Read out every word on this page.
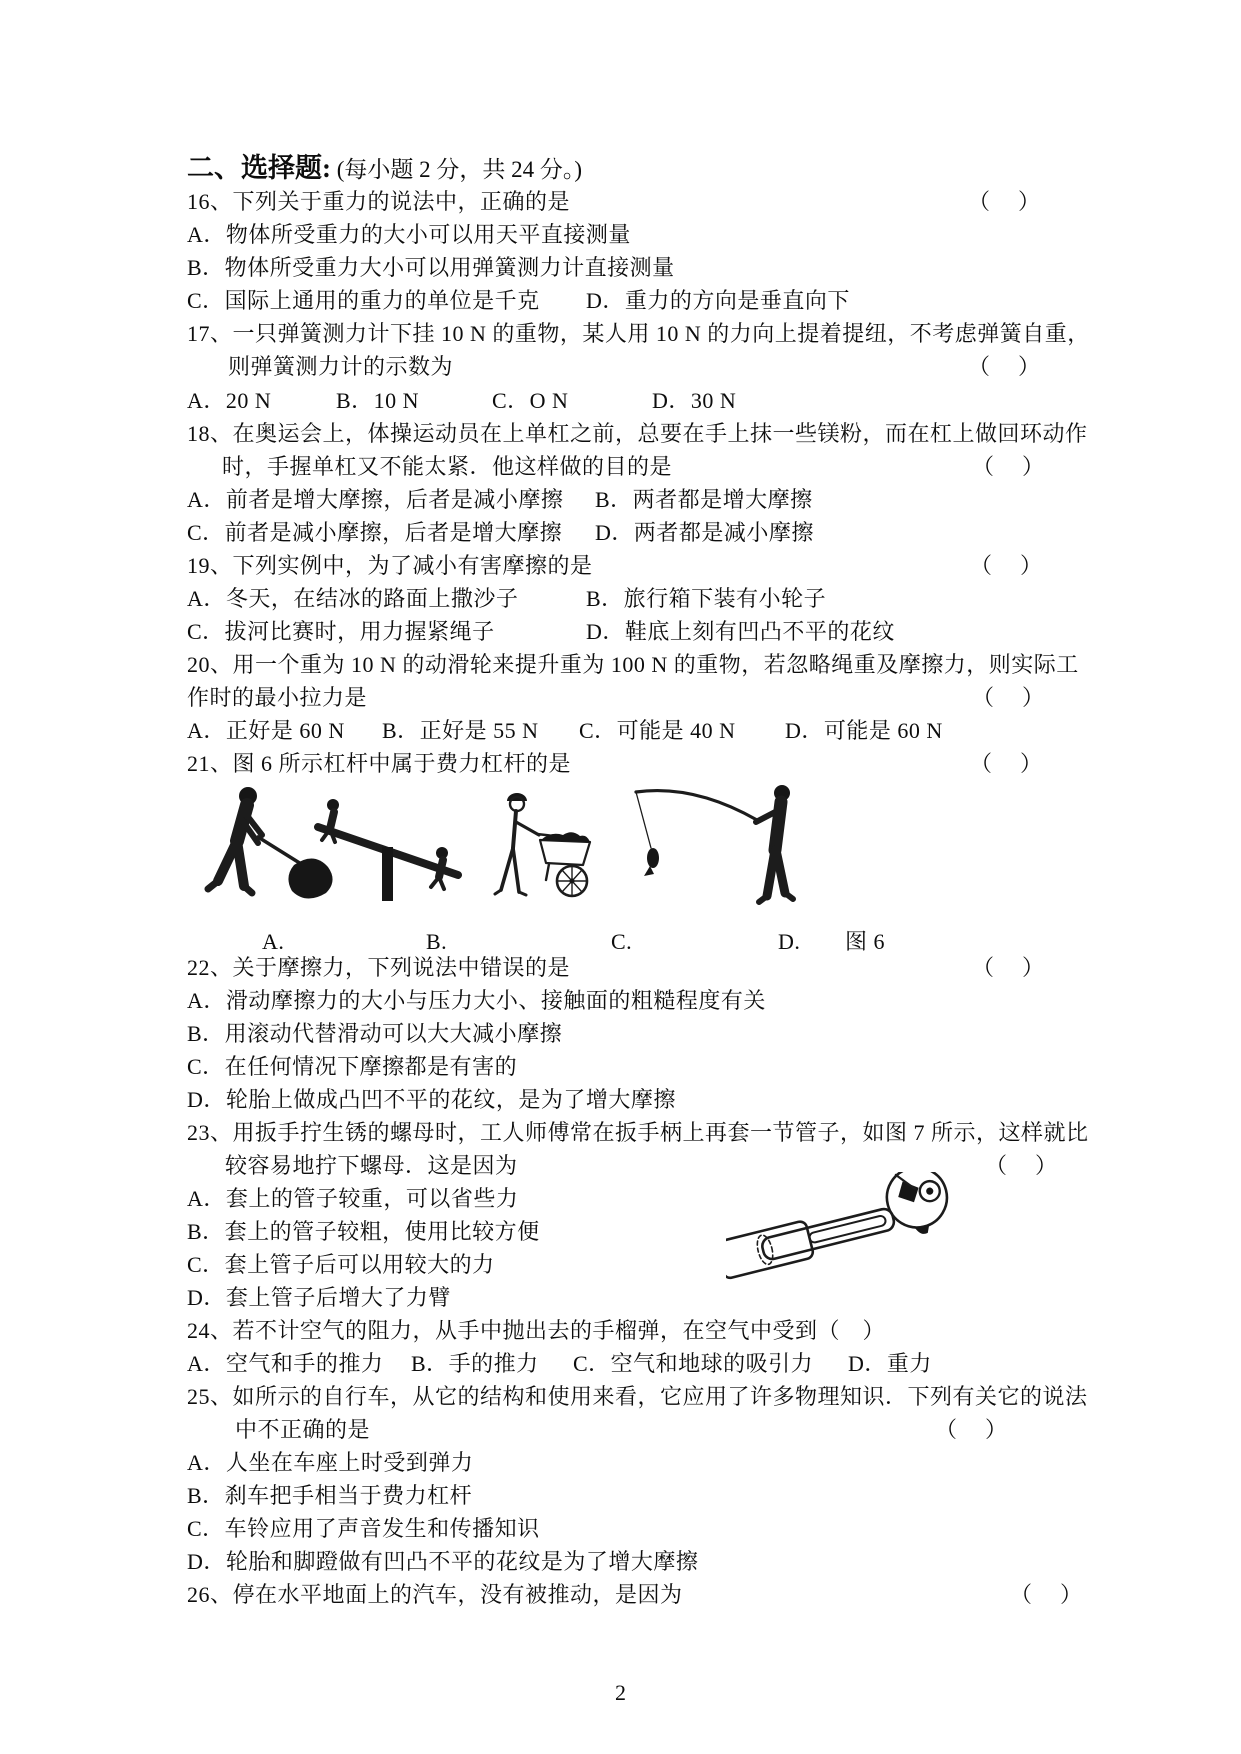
二、选择题: (每小题 2 分，共 24 分。)
16、下列关于重力的说法中，正确的是	（　）
A．物体所受重力的大小可以用天平直接测量
B．物体所受重力大小可以用弹簧测力计直接测量
C．国际上通用的重力的单位是千克 D．重力的方向是垂直向下
17、一只弹簧测力计下挂 10 N 的重物，某人用 10 N 的力向上提着提纽，不考虑弹簧自重，
则弹簧测力计的示数为	（　）
A．20 N	B．10 N	C．O N	D．30 N
18、在奥运会上，体操运动员在上单杠之前，总要在手上抹一些镁粉，而在杠上做回环动作
时，手握单杠又不能太紧．他这样做的目的是	（　）
A．前者是增大摩擦，后者是减小摩擦 B．两者都是增大摩擦
C．前者是减小摩擦，后者是增大摩擦 D．两者都是减小摩擦
19、下列实例中，为了减小有害摩擦的是	（　）
A．冬天，在结冰的路面上撒沙子	B．旅行箱下装有小轮子
C．拔河比赛时，用力握紧绳子	D．鞋底上刻有凹凸不平的花纹
20、用一个重为 10 N 的动滑轮来提升重为 100 N 的重物，若忽略绳重及摩擦力，则实际工
作时的最小拉力是	（　）
A．正好是 60 N B．正好是 55 N C．可能是 40 N D．可能是 60 N
21、图 6 所示杠杆中属于费力杠杆的是	（　）
A.	B.	C.	D. 图 6
22、关于摩擦力，下列说法中错误的是	（　）
A．滑动摩擦力的大小与压力大小、接触面的粗糙程度有关
B．用滚动代替滑动可以大大减小摩擦
C．在任何情况下摩擦都是有害的
D．轮胎上做成凸凹不平的花纹，是为了增大摩擦
23、用扳手拧生锈的螺母时，工人师傅常在扳手柄上再套一节管子，如图 7 所示，这样就比
较容易地拧下螺母．这是因为	（　）
A．套上的管子较重，可以省些力
B．套上的管子较粗，使用比较方便
C．套上管子后可以用较大的力
D．套上管子后增大了力臂
24、若不计空气的阻力，从手中抛出去的手榴弹，在空气中受到（　）
A．空气和手的推力 B．手的推力 C．空气和地球的吸引力 D．重力
25、如所示的自行车，从它的结构和使用来看，它应用了许多物理知识．下列有关它的说法
中不正确的是	（　）
A．人坐在车座上时受到弹力
B．刹车把手相当于费力杠杆
C．车铃应用了声音发生和传播知识
D．轮胎和脚蹬做有凹凸不平的花纹是为了增大摩擦
26、停在水平地面上的汽车，没有被推动，是因为	（　）
2
